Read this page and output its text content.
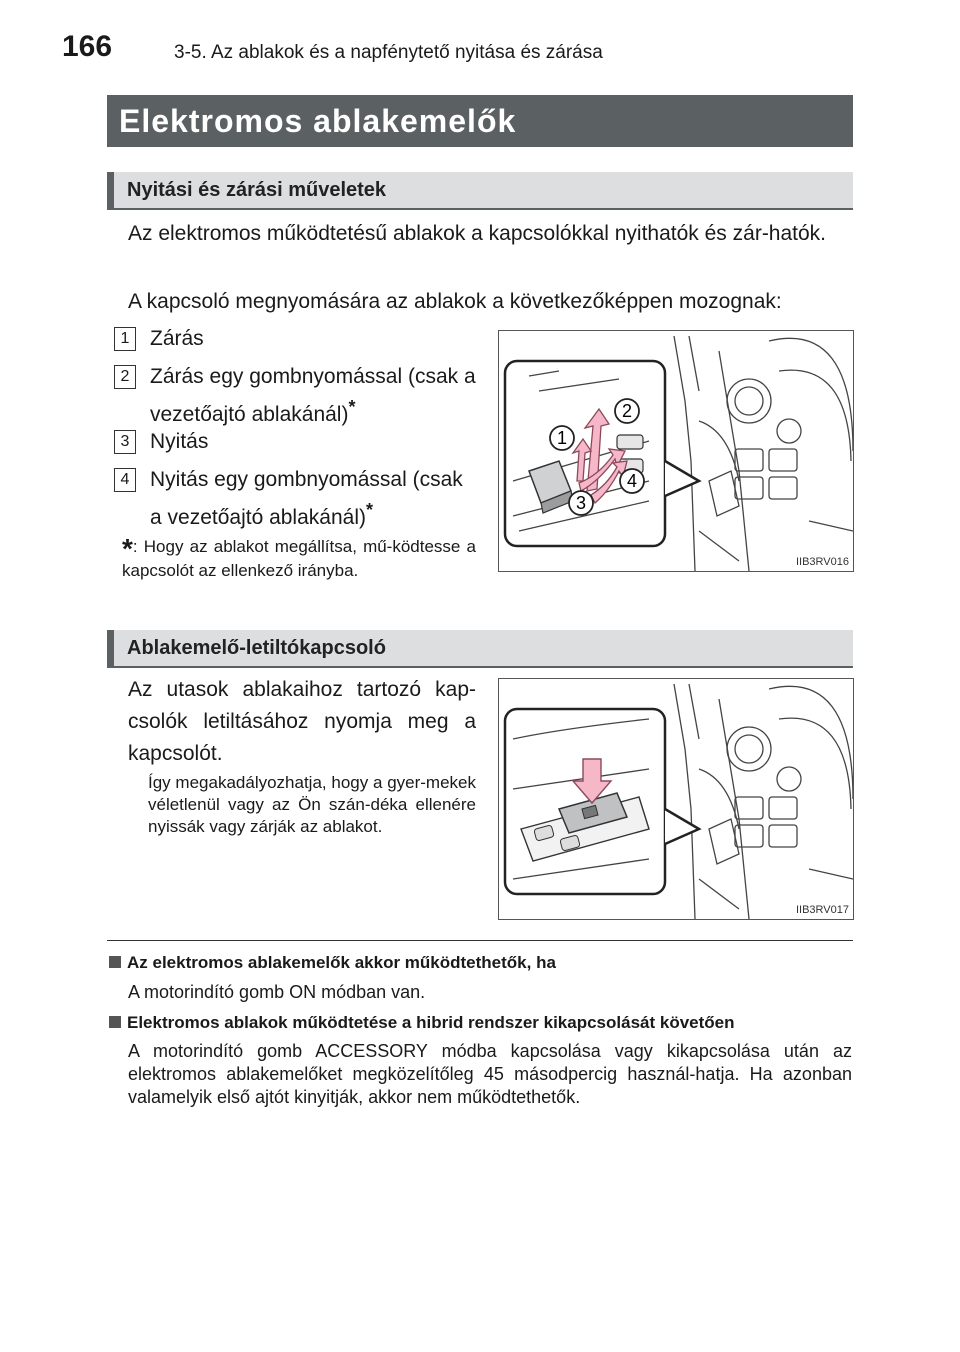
166	3-5. Az ablakok és a napfénytető nyitása és zárása
Elektromos ablakemelők
Nyitási és zárási műveletek
Az elektromos működtetésű ablakok a kapcsolókkal nyithatók és zár-hatók.
A kapcsoló megnyomására az ablakok a következőképpen mozognak:
1 Zárás
2 Zárás egy gombnyomással (csak a vezetőajtó ablakánál)*
3 Nyitás
4 Nyitás egy gombnyomással (csak a vezetőajtó ablakánál)*
*: Hogy az ablakot megállítsa, mű-ködtesse a kapcsolót az ellenkező irányba.
1
2
3
4
IIB3RV016
Ablakemelő-letiltókapcsoló
Az utasok ablakaihoz tartozó kap-csolók letiltásához nyomja meg a kapcsolót.
Így megakadályozhatja, hogy a gyer-mekek véletlenül vagy az Ön szán-déka ellenére nyissák vagy zárják az ablakot.
IIB3RV017
Az elektromos ablakemelők akkor működtethetők, ha
A motorindító gomb ON módban van.
Elektromos ablakok működtetése a hibrid rendszer kikapcsolását követően
A motorindító gomb ACCESSORY módba kapcsolása vagy kikapcsolása után az elektromos ablakemelőket megközelítőleg 45 másodpercig használ-hatja. Ha azonban valamelyik első ajtót kinyitják, akkor nem működtethetők.
